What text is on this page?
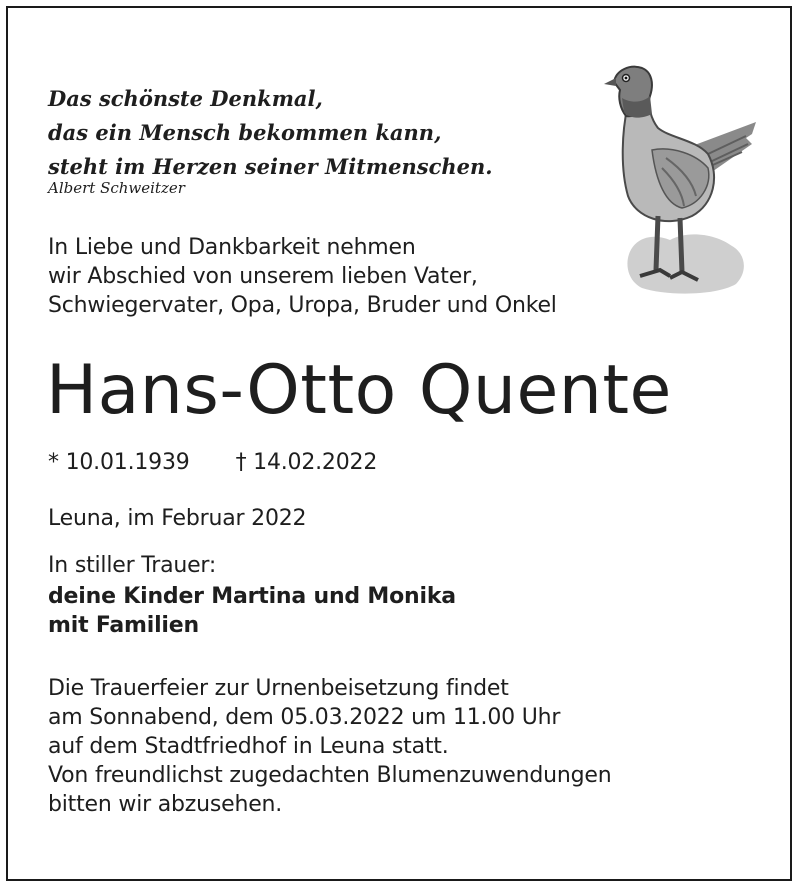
Das schönste Denkmal,
das ein Mensch bekommen kann,
steht im Herzen seiner Mitmenschen.
Albert Schweitzer
In Liebe und Dankbarkeit nehmen
wir Abschied von unserem lieben Vater,
Schwiegervater, Opa, Uropa, Bruder und Onkel
Hans-Otto Quente
* 10.01.1939 † 14.02.2022
Leuna, im Februar 2022
In stiller Trauer:
deine Kinder Martina und Monika
mit Familien
Die Trauerfeier zur Urnenbeisetzung findet
am Sonnabend, dem 05.03.2022 um 11.00 Uhr
auf dem Stadtfriedhof in Leuna statt.
Von freundlichst zugedachten Blumenzuwendungen
bitten wir abzusehen.
